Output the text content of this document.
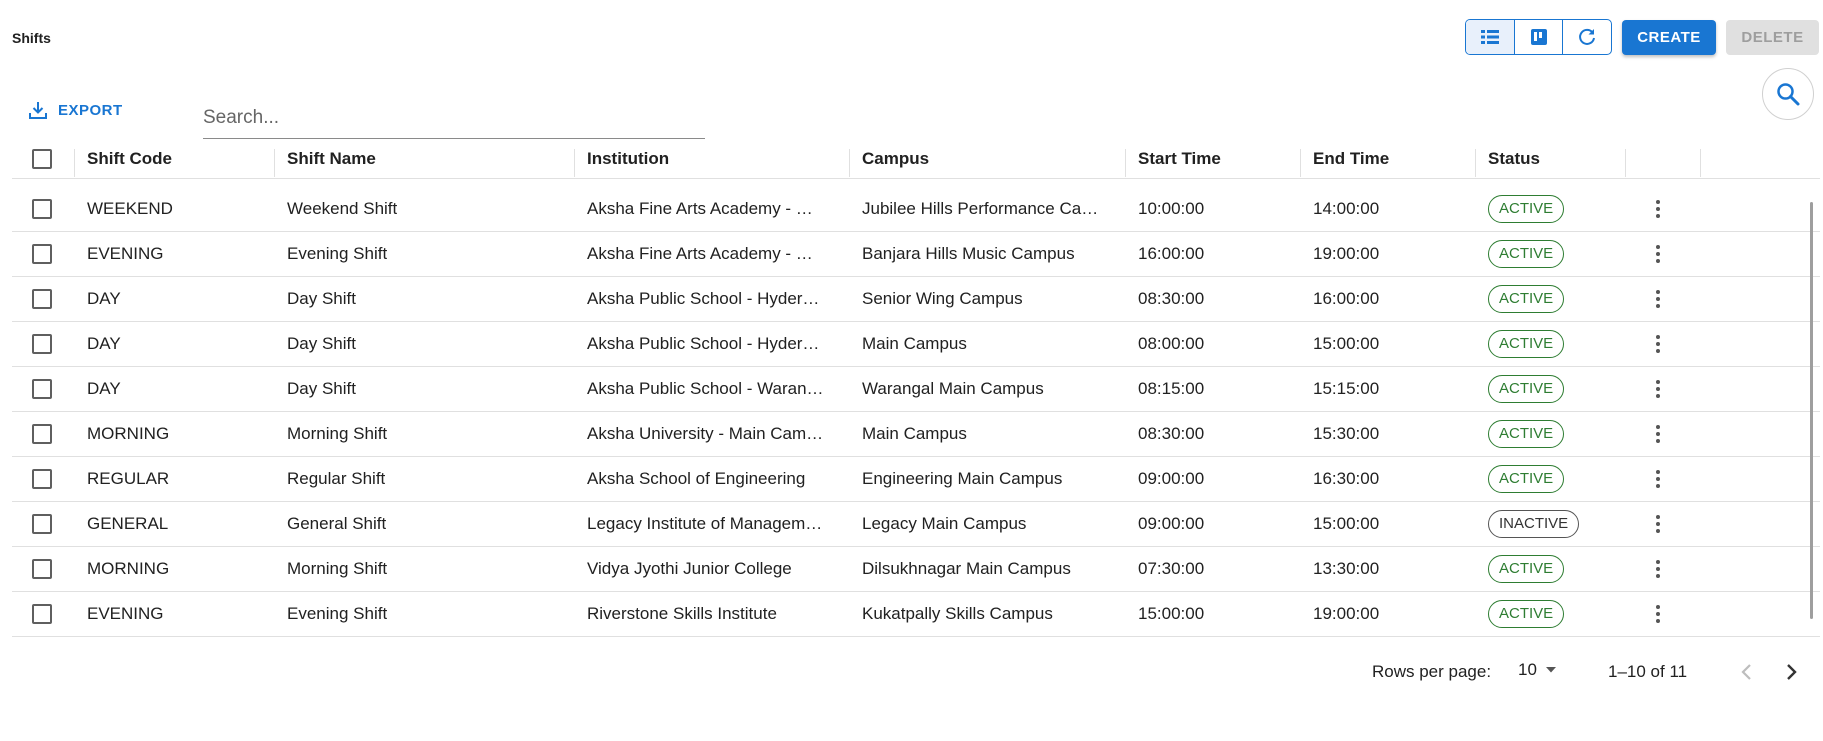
Shifts	CREATE	DELETE
EXPORT
Search...
Shift Code	Shift Name	Institution	Campus	Start Time	End Time	Status
WEEKEND	Weekend Shift	Aksha Fine Arts Academy - …	Jubilee Hills Performance Ca… 10:00:00	14:00:00	ACTIVE
EVENING	Evening Shift	Aksha Fine Arts Academy - …	Banjara Hills Music Campus	16:00:00	19:00:00	ACTIVE
DAY	Day Shift	Aksha Public School - Hyder…	Senior Wing Campus	08:30:00	16:00:00	ACTIVE
DAY	Day Shift	Aksha Public School - Hyder…	Main Campus	08:00:00	15:00:00	ACTIVE
DAY	Day Shift	Aksha Public School - Waran… Warangal Main Campus	08:15:00	15:15:00	ACTIVE
MORNING	Morning Shift	Aksha University - Main Cam… Main Campus	08:30:00	15:30:00	ACTIVE
REGULAR	Regular Shift	Aksha School of Engineering	Engineering Main Campus	09:00:00	16:30:00	ACTIVE
GENERAL	General Shift	Legacy Institute of Managem… Legacy Main Campus	09:00:00	15:00:00	INACTIVE
MORNING	Morning Shift	Vidya Jyothi Junior College	Dilsukhnagar Main Campus	07:30:00	13:30:00	ACTIVE
EVENING	Evening Shift	Riverstone Skills Institute	Kukatpally Skills Campus	15:00:00	19:00:00	ACTIVE
Rows per page: 10	1–10 of 11
